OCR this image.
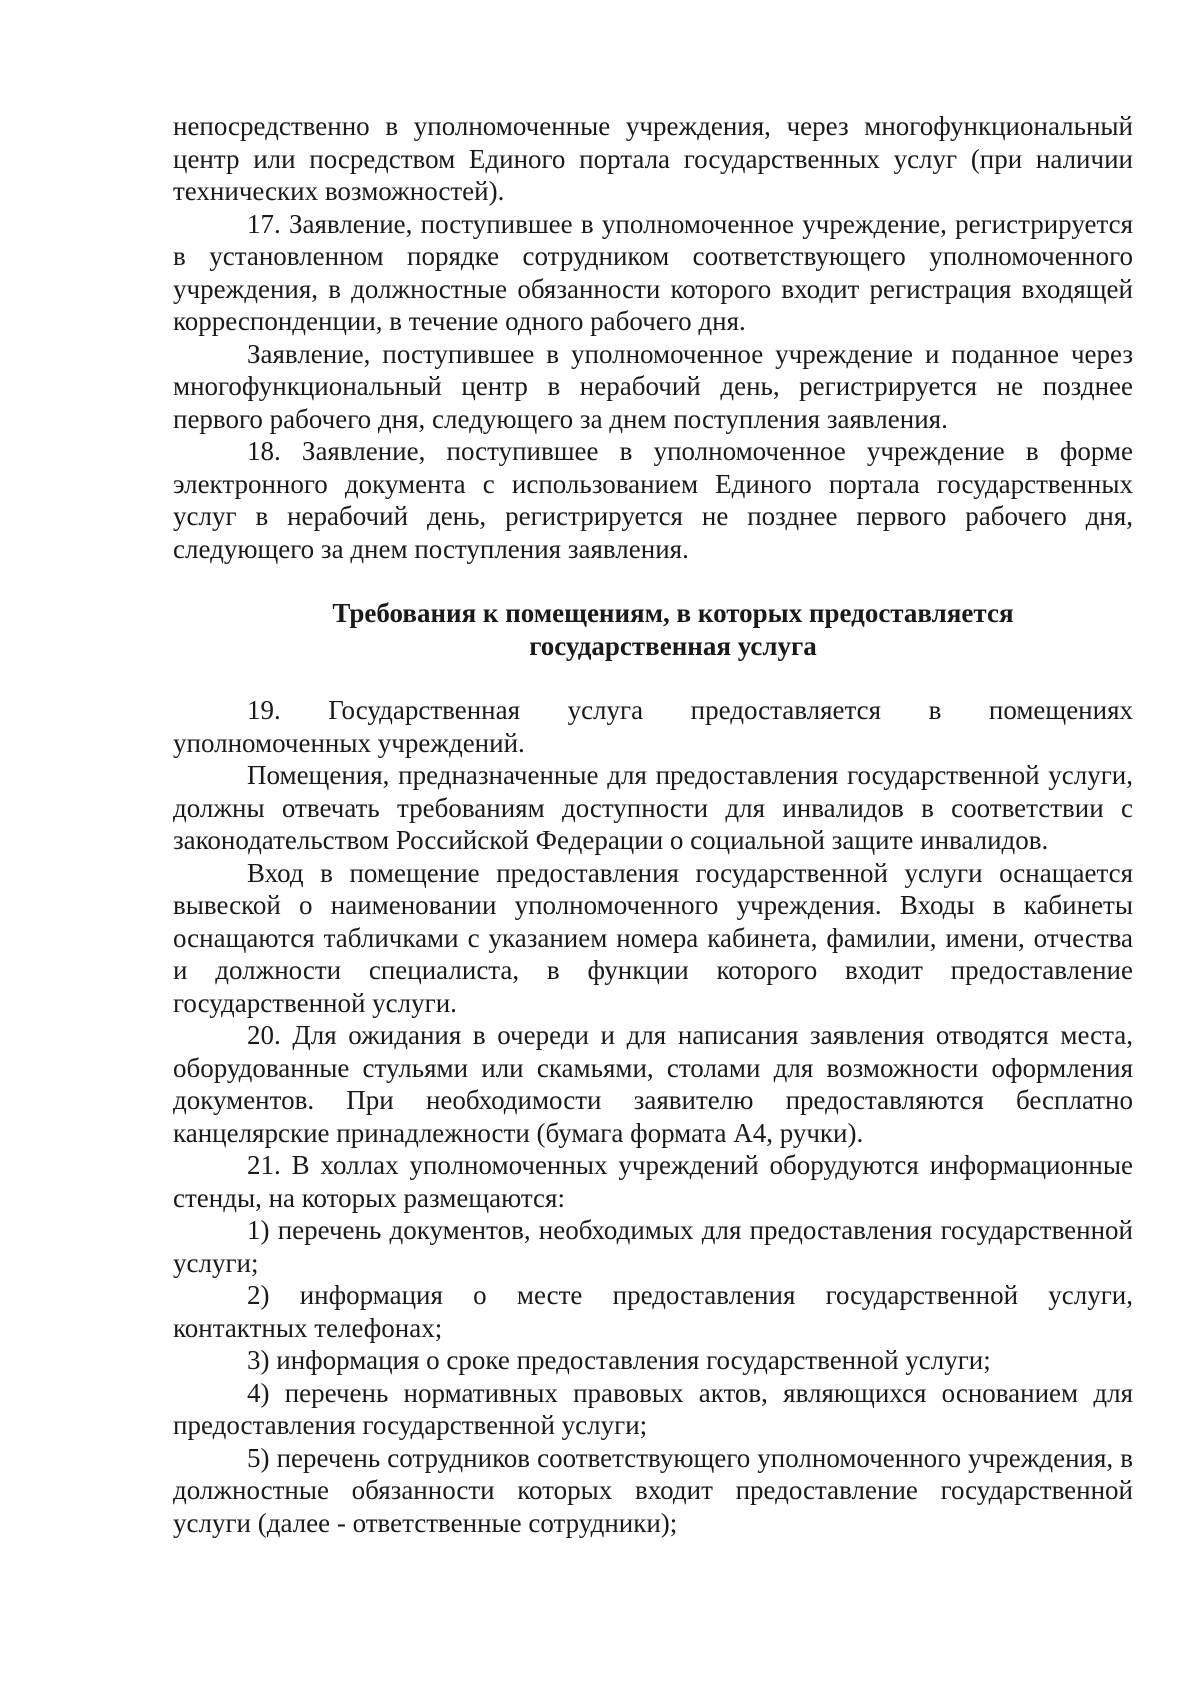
непосредственно в уполномоченные учреждения, через многофункциональный центр или посредством Единого портала государственных услуг (при наличии технических возможностей).

17. Заявление, поступившее в уполномоченное учреждение, регистрируется в установленном порядке сотрудником соответствующего уполномоченного учреждения, в должностные обязанности которого входит регистрация входящей корреспонденции, в течение одного рабочего дня.

Заявление, поступившее в уполномоченное учреждение и поданное через многофункциональный центр в нерабочий день, регистрируется не позднее первого рабочего дня, следующего за днем поступления заявления.

18. Заявление, поступившее в уполномоченное учреждение в форме электронного документа с использованием Единого портала государственных услуг в нерабочий день, регистрируется не позднее первого рабочего дня, следующего за днем поступления заявления.

Требования к помещениям, в которых предоставляется
государственная услуга

19. Государственная услуга предоставляется в помещениях уполномоченных учреждений.

Помещения, предназначенные для предоставления государственной услуги, должны отвечать требованиям доступности для инвалидов в соответствии с законодательством Российской Федерации о социальной защите инвалидов.

Вход в помещение предоставления государственной услуги оснащается вывеской о наименовании уполномоченного учреждения. Входы в кабинеты оснащаются табличками с указанием номера кабинета, фамилии, имени, отчества и должности специалиста, в функции которого входит предоставление государственной услуги.

20. Для ожидания в очереди и для написания заявления отводятся места, оборудованные стульями или скамьями, столами для возможности оформления документов. При необходимости заявителю предоставляются бесплатно канцелярские принадлежности (бумага формата А4, ручки).

21. В холлах уполномоченных учреждений оборудуются информационные стенды, на которых размещаются:

1) перечень документов, необходимых для предоставления государственной услуги;

2) информация о месте предоставления государственной услуги, контактных телефонах;

3) информация о сроке предоставления государственной услуги;

4) перечень нормативных правовых актов, являющихся основанием для предоставления государственной услуги;

5) перечень сотрудников соответствующего уполномоченного учреждения, в должностные обязанности которых входит предоставление государственной услуги (далее - ответственные сотрудники);
